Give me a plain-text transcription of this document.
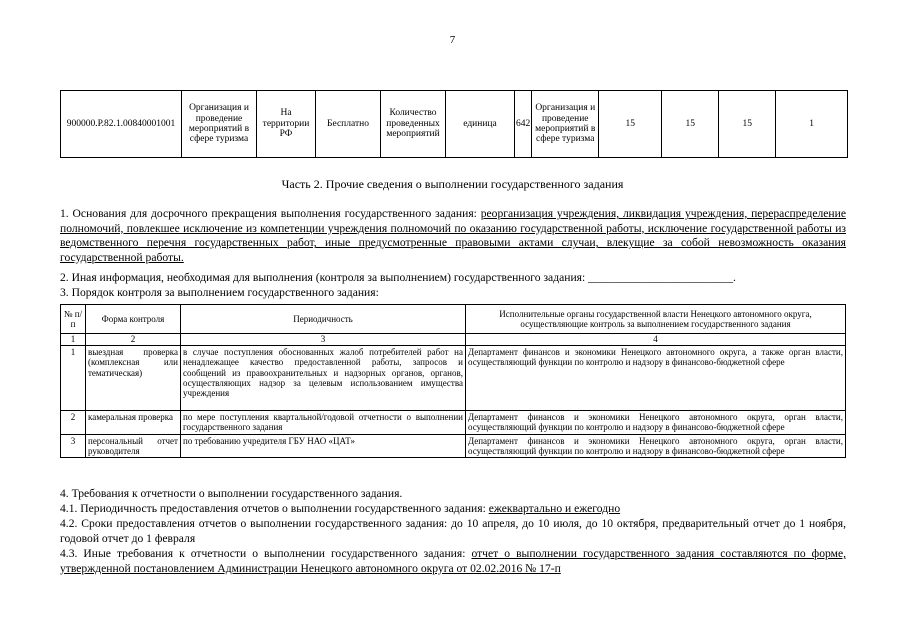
7
900000.Р.82.1.00840001001	Организация и проведение мероприятий в сфере туризма	На территории РФ	Бесплатно	Количество проведенных мероприятий	единица	642	Организация и проведение мероприятий в сфере туризма	15	15	15	1
Часть 2. Прочие сведения о выполнении государственного задания
1. Основания для досрочного прекращения выполнения государственного задания: реорганизация учреждения, ликвидация учреждения, перераспределение полномочий, повлекшее исключение из компетенции учреждения полномочий по оказанию государственной работы, исключение государственной работы из ведомственного перечня государственных работ, иные предусмотренные правовыми актами случаи, влекущие за собой невозможность оказания государственной работы.
2. Иная информация, необходимая для выполнения (контроля за выполнением) государственного задания: _________________________.
3. Порядок контроля за выполнением государственного задания:
№ п/п	Форма контроля	Периодичность	Исполнительные органы государственной власти Ненецкого автономного округа, осуществляющие контроль за выполнением государственного задания
1	2	3	4
1	выездная проверка (комплексная или тематическая)	в случае поступления обоснованных жалоб потребителей работ на ненадлежащее качество предоставленной работы, запросов и сообщений из правоохранительных и надзорных органов, органов, осуществляющих надзор за целевым использованием имущества учреждения	Департамент финансов и экономики Ненецкого автономного округа, а также орган власти, осуществляющий функции по контролю и надзору в финансово-бюджетной сфере
2	камеральная проверка	по мере поступления квартальной/годовой отчетности о выполнении государственного задания	Департамент финансов и экономики Ненецкого автономного округа, орган власти, осуществляющий функции по контролю и надзору в финансово-бюджетной сфере
3	персональный отчет руководителя	по требованию учредителя ГБУ НАО «ЦАТ»	Департамент финансов и экономики Ненецкого автономного округа, орган власти, осуществляющий функции по контролю и надзору в финансово-бюджетной сфере
4. Требования к отчетности о выполнении государственного задания.
4.1. Периодичность предоставления отчетов о выполнении государственного задания: ежеквартально и ежегодно
4.2. Сроки предоставления отчетов о выполнении государственного задания: до 10 апреля, до 10 июля, до 10 октября, предварительный отчет до 1 ноября, годовой отчет до 1 февраля
4.3. Иные требования к отчетности о выполнении государственного задания: отчет о выполнении государственного задания составляются по форме, утвержденной постановлением Администрации Ненецкого автономного округа от 02.02.2016 № 17-п
